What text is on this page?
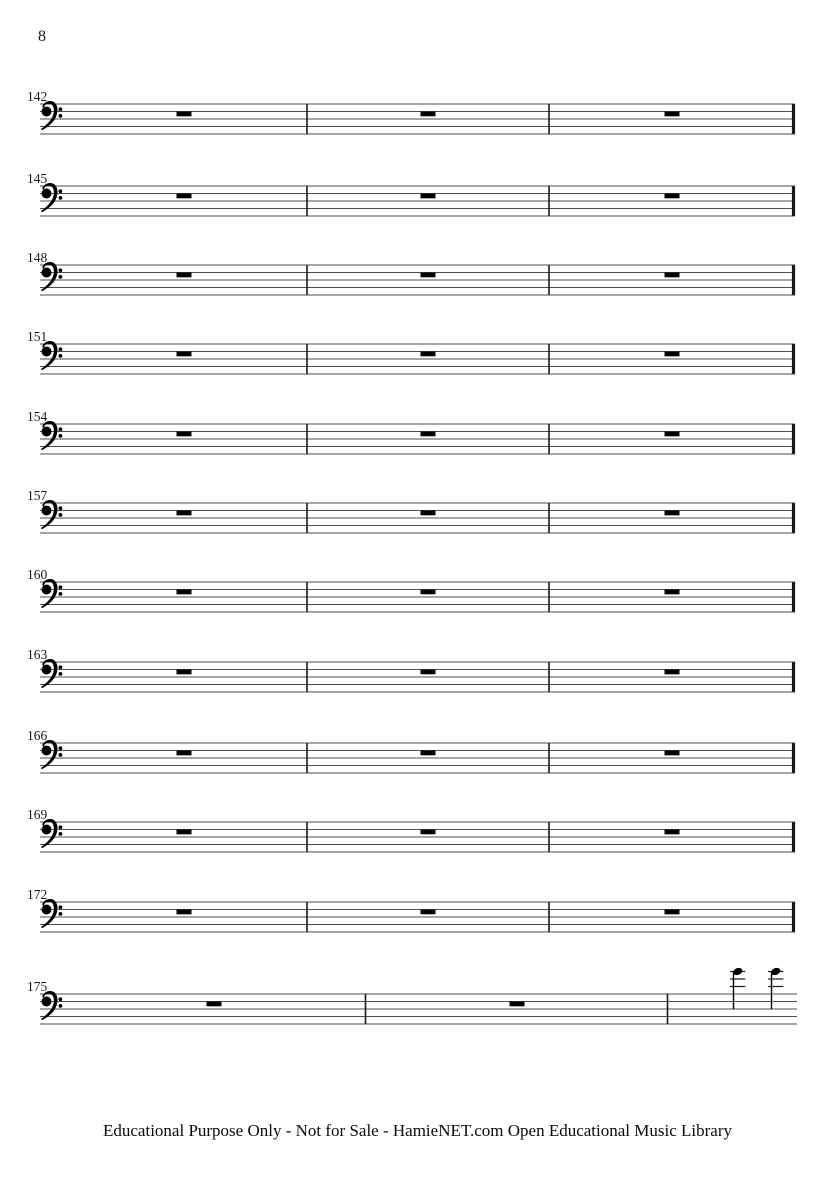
8
142
145
148
151
154
157
160
163
166
169
172
175
Educational Purpose Only - Not for Sale - HamieNET.com Open Educational Music Library
